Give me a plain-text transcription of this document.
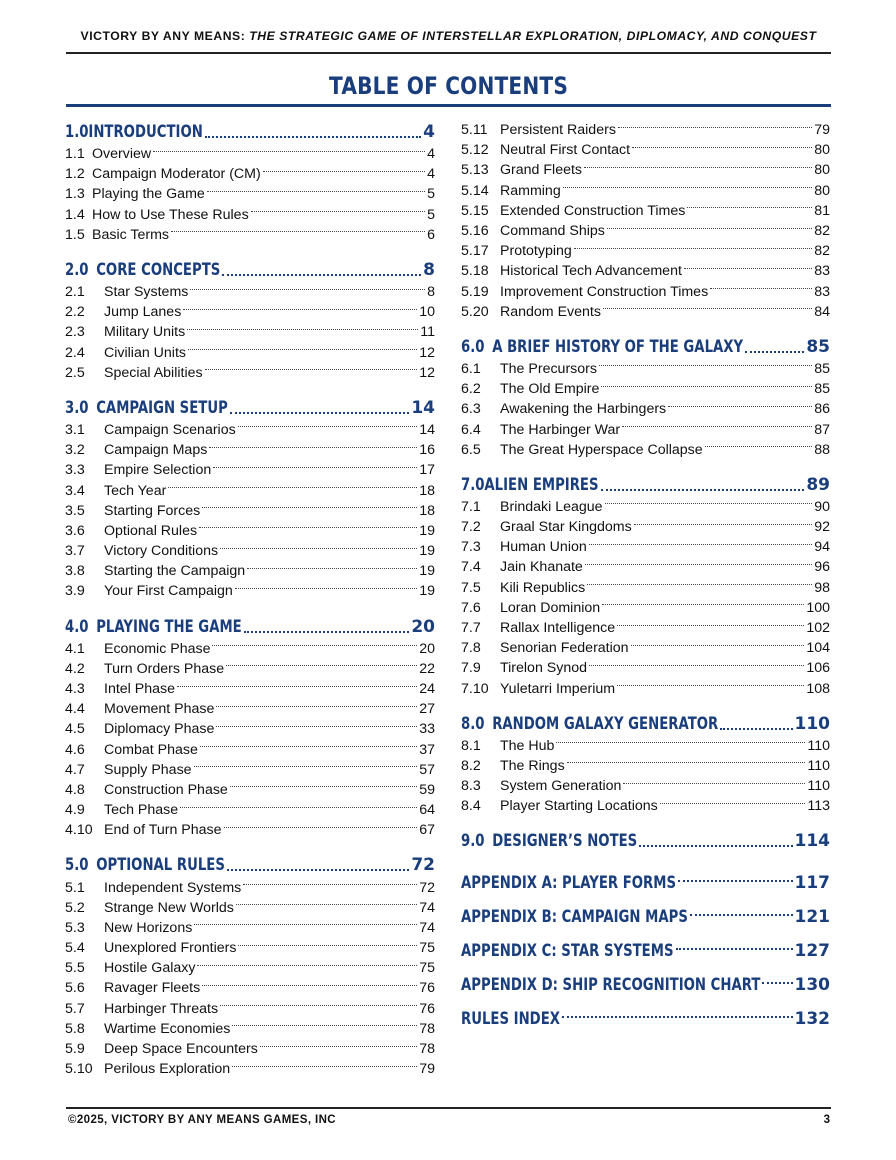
VICTORY BY ANY MEANS: THE STRATEGIC GAME OF INTERSTELLAR EXPLORATION, DIPLOMACY, AND CONQUEST
TABLE OF CONTENTS
1.0INTRODUCTION	4
1.1 Overview	4
1.2 Campaign Moderator (CM)	4
1.3 Playing the Game	5
1.4 How to Use These Rules	5
1.5 Basic Terms	6
2.0 CORE CONCEPTS	8
2.1	Star Systems	8
2.2	Jump Lanes	10
2.3	Military Units	11
2.4	Civilian Units	12
2.5	Special Abilities	12
3.0 CAMPAIGN SETUP	14
3.1	Campaign Scenarios	14
3.2	Campaign Maps	16
3.3	Empire Selection	17
3.4	Tech Year	18
3.5	Starting Forces	18
3.6	Optional Rules	19
3.7	Victory Conditions	19
3.8	Starting the Campaign	19
3.9	Your First Campaign	19
4.0 PLAYING THE GAME	20
4.1	Economic Phase	20
4.2	Turn Orders Phase	22
4.3	Intel Phase	24
4.4	Movement Phase	27
4.5	Diplomacy Phase	33
4.6	Combat Phase	37
4.7	Supply Phase	57
4.8	Construction Phase	59
4.9	Tech Phase	64
4.10 End of Turn Phase	67
5.0 OPTIONAL RULES	72
5.1	Independent Systems	72
5.2	Strange New Worlds	74
5.3	New Horizons	74
5.4	Unexplored Frontiers	75
5.5	Hostile Galaxy	75
5.6	Ravager Fleets	76
5.7	Harbinger Threats	76
5.8	Wartime Economies	78
5.9	Deep Space Encounters	78
5.10 Perilous Exploration	79
5.11 Persistent Raiders	79
5.12 Neutral First Contact	80
5.13 Grand Fleets	80
5.14 Ramming	80
5.15 Extended Construction Times	81
5.16 Command Ships	82
5.17 Prototyping	82
5.18 Historical Tech Advancement	83
5.19 Improvement Construction Times	83
5.20 Random Events	84
6.0 A BRIEF HISTORY OF THE GALAXY	85
6.1	The Precursors	85
6.2	The Old Empire	85
6.3	Awakening the Harbingers	86
6.4	The Harbinger War	87
6.5	The Great Hyperspace Collapse	88
7.0ALIEN EMPIRES	89
7.1	Brindaki League	90
7.2	Graal Star Kingdoms	92
7.3	Human Union	94
7.4	Jain Khanate	96
7.5	Kili Republics	98
7.6	Loran Dominion	100
7.7	Rallax Intelligence	102
7.8	Senorian Federation	104
7.9	Tirelon Synod	106
7.10 Yuletarri Imperium	108
8.0 RANDOM GALAXY GENERATOR	110
8.1	The Hub	110
8.2	The Rings	110
8.3	System Generation	110
8.4	Player Starting Locations	113
9.0 DESIGNER’S NOTES	114
APPENDIX A: PLAYER FORMS	117
APPENDIX B: CAMPAIGN MAPS	121
APPENDIX C: STAR SYSTEMS	127
APPENDIX D: SHIP RECOGNITION CHART 130
RULES INDEX	132
©2025, VICTORY BY ANY MEANS GAMES, INC	3
